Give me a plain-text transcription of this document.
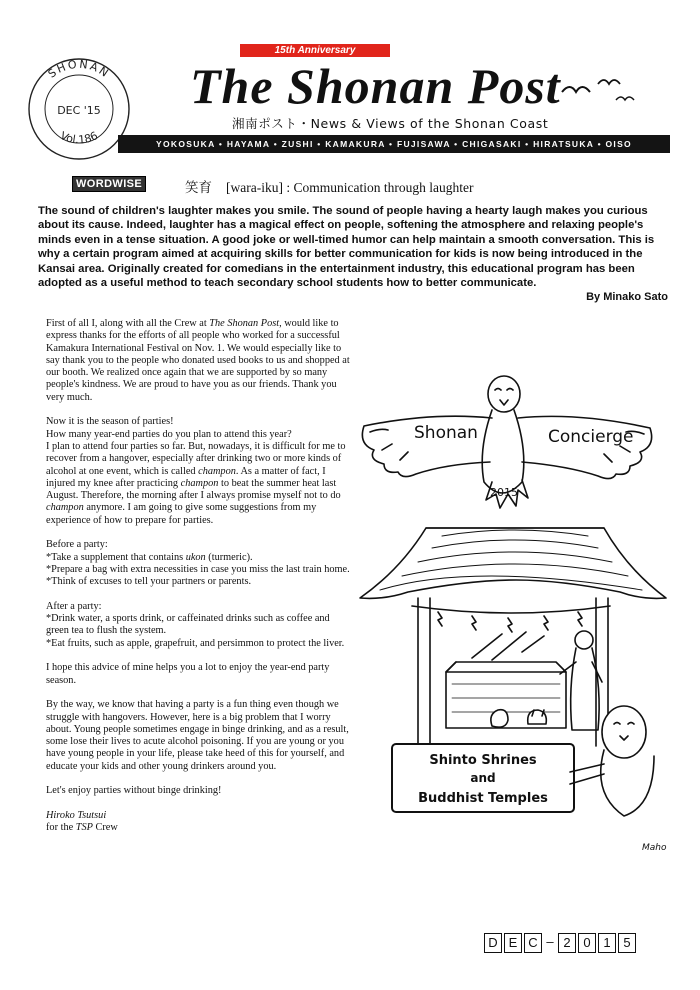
15th Anniversary
SHONAN
DEC '15
Vol.186
The Shonan Post
湘南ポスト・News & Views of the Shonan Coast
YOKOSUKA • HAYAMA • ZUSHI • KAMAKURA • FUJISAWA • CHIGASAKI • HIRATSUKA • OISO
WORDWISE	笑育 [wara-iku] : Communication through laughter

The sound of children's laughter makes you smile. The sound of people having a hearty laugh makes you curious about its cause. Indeed, laughter has a magical effect on people, softening the atmosphere and relaxing people's minds even in a tense situation. A good joke or well-timed humor can help maintain a smooth conversation. This is why a certain program aimed at acquiring skills for better communication for kids is now being introduced in the Kansai area. Originally created for comedians in the entertainment industry, this educational program has been adopted as a useful method to teach secondary school students how to better communicate.

By Minako Sato

First of all I, along with all the Crew at The Shonan Post, would like to express thanks for the efforts of all people who worked for a successful Kamakura International Festival on Nov. 1. We would especially like to say thank you to the people who donated used books to us and shopped at our booth. We realized once again that we are supported by so many people's kindness. We are proud to have you as our friends. Thank you very much.

Now it is the season of parties!
How many year-end parties do you plan to attend this year?
I plan to attend four parties so far. But, nowadays, it is difficult for me to recover from a hangover, especially after drinking two or more kinds of alcohol at one event, which is called champon. As a matter of fact, I injured my knee after practicing champon to beat the summer heat last August. Therefore, the morning after I always promise myself not to do champon anymore. I am going to give some suggestions from my experience of how to prepare for parties.

Before a party:
*Take a supplement that contains ukon (turmeric).
*Prepare a bag with extra necessities in case you miss the last train home.
*Think of excuses to tell your partners or parents.

After a party:
*Drink water, a sports drink, or caffeinated drinks such as coffee and green tea to flush the system.
*Eat fruits, such as apple, grapefruit, and persimmon to protect the liver.

I hope this advice of mine helps you a lot to enjoy the year-end party season.

By the way, we know that having a party is a fun thing even though we struggle with hangovers. However, here is a big problem that I worry about. Young people sometimes engage in binge drinking, and as a result, some lose their lives to acute alcohol poisoning. If you are young or you have young people in your life, please take heed of this for yourself, and educate your kids and other young drinkers around you.

Let's enjoy parties without binge drinking!

Hiroko Tsutsui
for the TSP Crew

Shonan	Concierge
2015
Shinto Shrines
and
Buddhist Temples
Maho
D E C – 2 0 1 5
